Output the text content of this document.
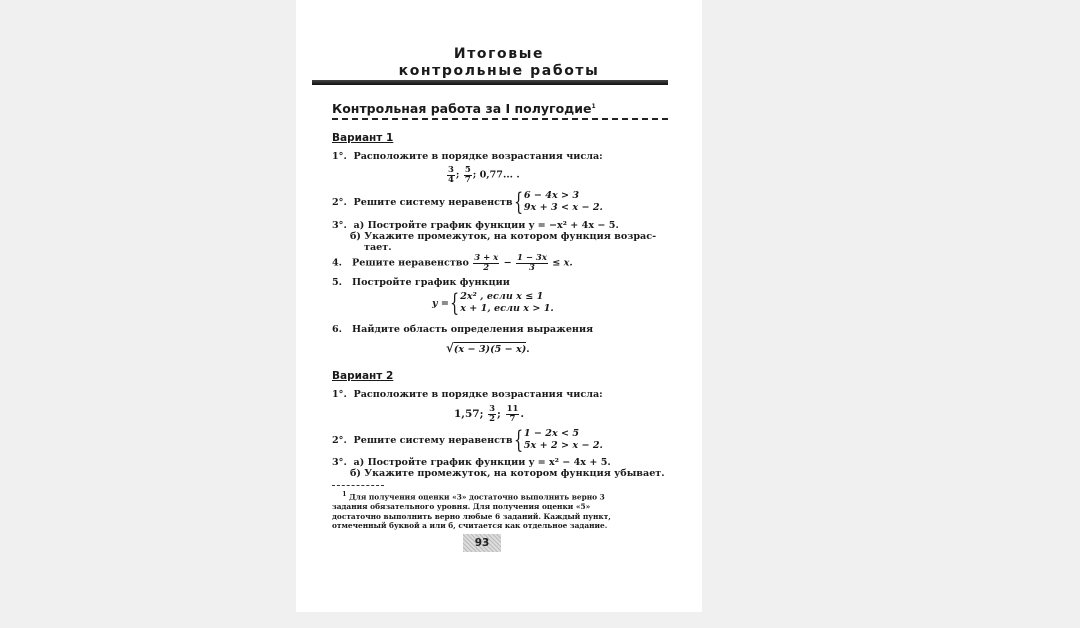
Итоговые
контрольные работы
Контрольная работа за I полугодие$^1$
Вариант 1
1°. Расположите в порядке возрастания числа:
$\frac{3}{4}$ ; $\frac{5}{7}$ ; 0,77... .
2°. Решите систему неравенств{ 6 − 4x > 3
9x + 3 < x − 2.
3°. а) Постройте график функции y = −x² + 4x − 5.
б) Укажите промежуток, на котором функция возрас-
тает.
4. Решите неравенство $\frac{3 + x}{2} - \frac{1 - 3x}{3} \le x$.
5. Постройте график функции
y ={ 2x² , если x ≤ 1
x + 1, если x > 1.
6. Найдите область определения выражения
√(x − 3)(5 − x).
Вариант 2
1°. Расположите в порядке возрастания числа:
1,57; $\frac{3}{2}$ ; $\frac{11}{7}$ .
2°. Решите систему неравенств{ 1 − 2x < 5
5x + 2 > x − 2.
3°. а) Постройте график функции y = x² − 4x + 5.
б) Укажите промежуток, на котором функция убывает.
$^1$ Для получения оценки «3» достаточно выполнить верно 3 задания обязательного уровня. Для получения оценки «5» достаточно выполнить верно любые 6 заданий. Каждый пункт, отмеченный буквой а или б, считается как отдельное задание.
93
